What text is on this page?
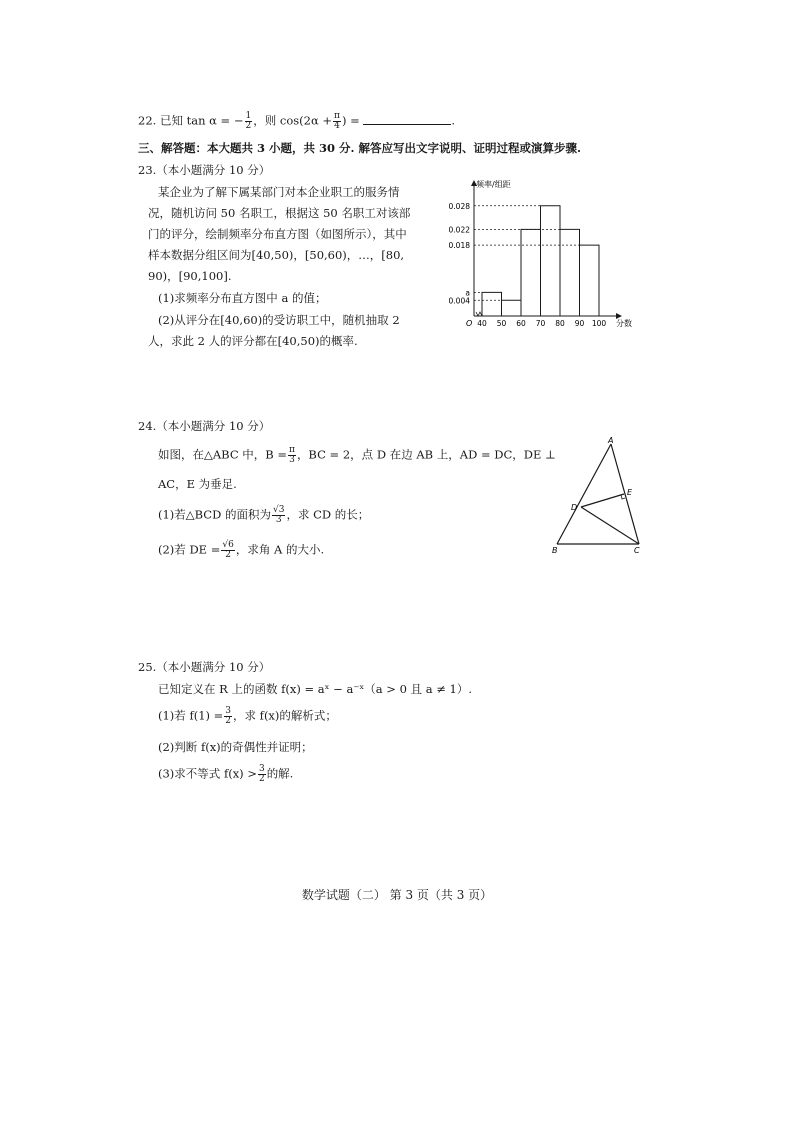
22. 已知 tan α = − $\frac{1}{2}$ ，则 $\cos(2\alpha + \frac{\pi}{4}$ ) =	.
三、解答题：本大题共 3 小题，共 30 分. 解答应写出文字说明、证明过程或演算步骤.
23.（本小题满分 10 分）
某企业为了解下属某部门对本企业职工的服务情
况，随机访问 50 名职工，根据这 50 名职工对该部
门的评分，绘制频率分布直方图（如图所示），其中
样本数据分组区间为[40,50)，[50,60)，…，[80,
90)，[90,100].
(1)求频率分布直方图中 a 的值；
(2)从评分在[40,60)的受访职工中，随机抽取 2
人，求此 2 人的评分都在[40,50)的概率.
0.028
0.022
0.018
a
0.004
40 50 60 70 80 90 100
O	分数
频率/组距
24.（本小题满分 10 分）
如图，在△ABC 中，$B = \frac{\pi}{3}$ ，BC = 2，点 D 在边 AB 上，AD = DC，DE ⊥
AC，E 为垂足.
(1)若△BCD 的面积为 $\frac{√3}{3}$ ，求 CD 的长；
(2)若 DE = $\frac{√6}{2}$ ，求角 A 的大小.
A
B	C
D
E
25.（本小题满分 10 分）
已知定义在 R 上的函数 f(x) = aˣ − a⁻ˣ（a > 0 且 a ≠ 1）.
(1)若 $f(1) = \frac{3}{2}$ ，求 f(x)的解析式；
(2)判断 f(x)的奇偶性并证明；
(3)求不等式 $f(x) > \frac{3}{2}$ 的解.
数学试题（二） 第 3 页（共 3 页）
